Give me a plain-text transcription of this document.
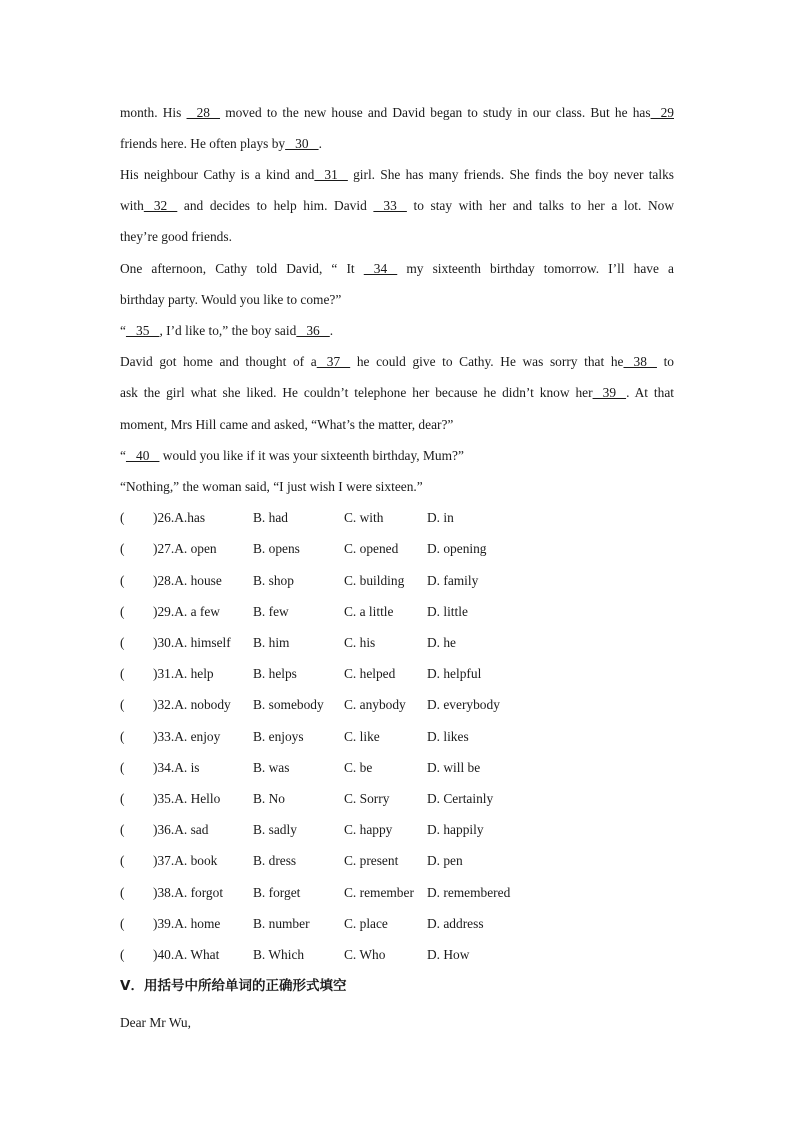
month. His    28    moved to the new house and David began to study in our class. But he has   29
friends here. He often plays by   30   .
His neighbour Cathy is a kind and   31    girl. She has many friends. She finds the boy never talks
with   32    and decides to help him. David    33    to stay with her and talks to her a lot. Now
they’re good friends.
One afternoon, Cathy told David, “ It    34    my sixteenth birthday tomorrow. I’ll have a
birthday party. Would you like to come?”
“   35   , I’d like to,” the boy said   36   .
David got home and thought of a   37    he could give to Cathy. He was sorry that he   38    to
ask the girl what she liked. He couldn’t telephone her because he didn’t know her   39   . At that
moment, Mrs Hill came and asked, “What’s the matter, dear?”
“   40    would you like if it was your sixteenth birthday, Mum?”
“Nothing,” the woman said, “I just wish I were sixteen.”
( )26.A.has	B. had	C. with	D. in
( )27.A. open	B. opens	C. opened D. opening
( )28.A. house B. shop	C. building D. family
( )29.A. a few B. few	C. a little	D. little
( )30.A. himself B. him	C. his	D. he
( )31.A. help	B. helps	C. helped D. helpful
( )32.A. nobody B. somebody C. anybody D. everybody
( )33.A. enjoy B. enjoys	C. like	D. likes
( )34.A. is	B. was	C. be	D. will be
( )35.A. Hello B. No	C. Sorry	D. Certainly
( )36.A. sad	B. sadly	C. happy	D. happily
( )37.A. book	B. dress	C. present D. pen
( )38.A. forgot B. forget	C. remember D. remembered
( )39.A. home B. number	C. place	D. address
( )40.A. What	B. Which	C. Who	D. How
V．用括号中所给单词的正确形式填空
Dear Mr Wu,
